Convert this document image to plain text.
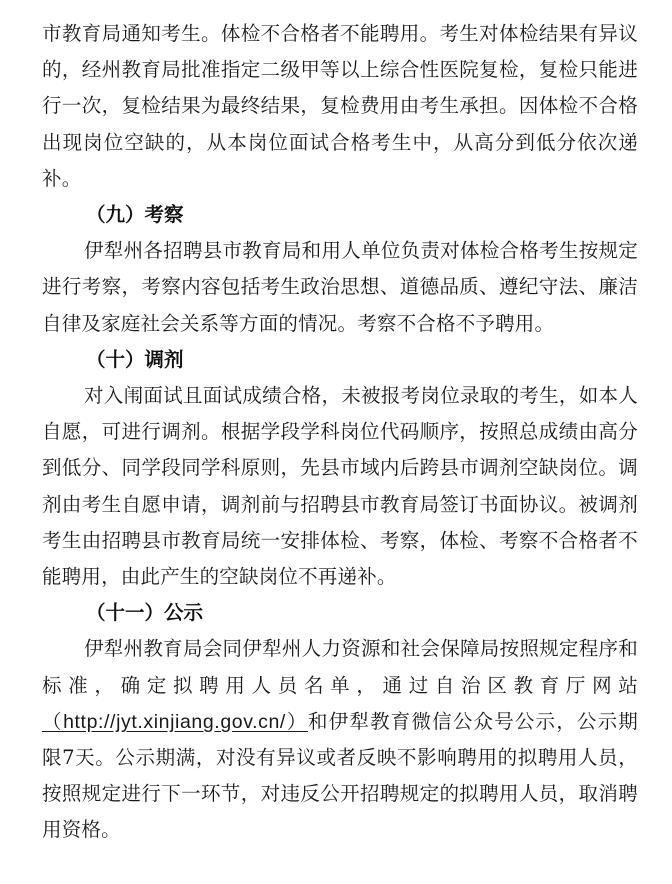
市教育局通知考生。体检不合格者不能聘用。考生对体检结果有异议的，经州教育局批准指定二级甲等以上综合性医院复检，复检只能进行一次，复检结果为最终结果，复检费用由考生承担。因体检不合格出现岗位空缺的，从本岗位面试合格考生中，从高分到低分依次递补。

（九）考察

伊犁州各招聘县市教育局和用人单位负责对体检合格考生按规定进行考察，考察内容包括考生政治思想、道德品质、遵纪守法、廉洁自律及家庭社会关系等方面的情况。考察不合格不予聘用。

（十）调剂

对入闱面试且面试成绩合格，未被报考岗位录取的考生，如本人自愿，可进行调剂。根据学段学科岗位代码顺序，按照总成绩由高分到低分、同学段同学科原则，先县市域内后跨县市调剂空缺岗位。调剂由考生自愿申请，调剂前与招聘县市教育局签订书面协议。被调剂考生由招聘县市教育局统一安排体检、考察，体检、考察不合格者不能聘用，由此产生的空缺岗位不再递补。

（十一）公示

伊犁州教育局会同伊犁州人力资源和社会保障局按照规定程序和标准，确定拟聘用人员名单，通过自治区教育厅网站（http://jyt.xinjiang.gov.cn/）和伊犁教育微信公众号公示，公示期限7天。公示期满，对没有异议或者反映不影响聘用的拟聘用人员，按照规定进行下一环节，对违反公开招聘规定的拟聘用人员，取消聘用资格。
